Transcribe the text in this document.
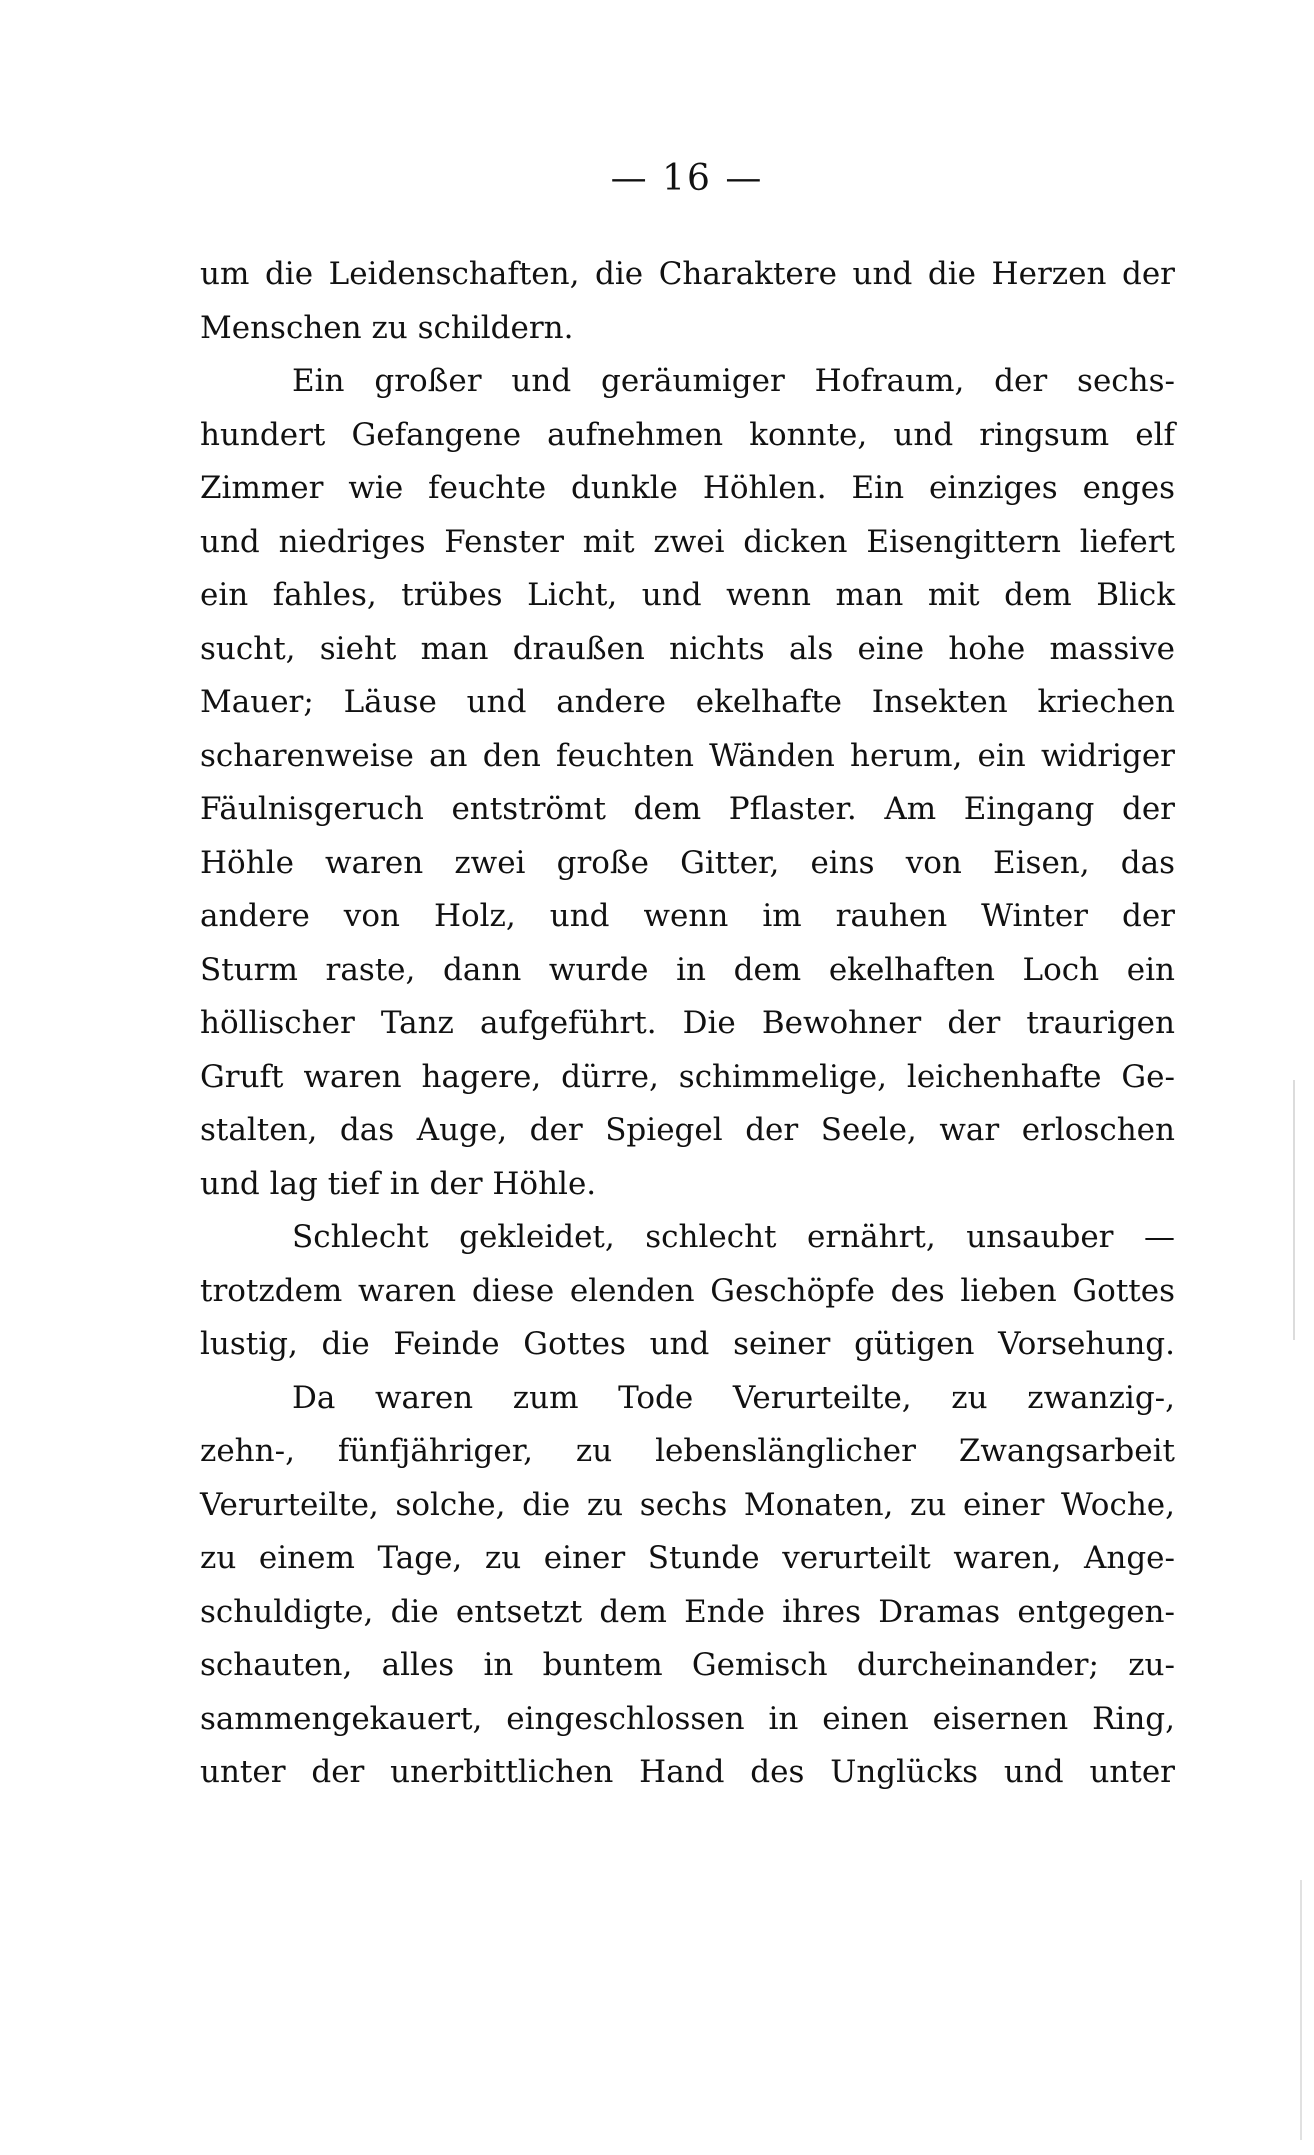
— 16 —
um die Leidenschaften, die Charaktere und die Herzen der
Menschen zu schildern.
Ein großer und geräumiger Hofraum, der sechs-
hundert Gefangene aufnehmen konnte, und ringsum elf
Zimmer wie feuchte dunkle Höhlen. Ein einziges enges
und niedriges Fenster mit zwei dicken Eisengittern liefert
ein fahles, trübes Licht, und wenn man mit dem Blick
sucht, sieht man draußen nichts als eine hohe massive
Mauer; Läuse und andere ekelhafte Insekten kriechen
scharenweise an den feuchten Wänden herum, ein widriger
Fäulnisgeruch entströmt dem Pflaster. Am Eingang der
Höhle waren zwei große Gitter, eins von Eisen, das
andere von Holz, und wenn im rauhen Winter der
Sturm raste, dann wurde in dem ekelhaften Loch ein
höllischer Tanz aufgeführt. Die Bewohner der traurigen
Gruft waren hagere, dürre, schimmelige, leichenhafte Ge-
stalten, das Auge, der Spiegel der Seele, war erloschen
und lag tief in der Höhle.
Schlecht gekleidet, schlecht ernährt, unsauber —
trotzdem waren diese elenden Geschöpfe des lieben Gottes
lustig, die Feinde Gottes und seiner gütigen Vorsehung.
Da waren zum Tode Verurteilte, zu zwanzig-,
zehn-, fünfjähriger, zu lebenslänglicher Zwangsarbeit
Verurteilte, solche, die zu sechs Monaten, zu einer Woche,
zu einem Tage, zu einer Stunde verurteilt waren, Ange-
schuldigte, die entsetzt dem Ende ihres Dramas entgegen-
schauten, alles in buntem Gemisch durcheinander; zu-
sammengekauert, eingeschlossen in einen eisernen Ring,
unter der unerbittlichen Hand des Unglücks und unter
